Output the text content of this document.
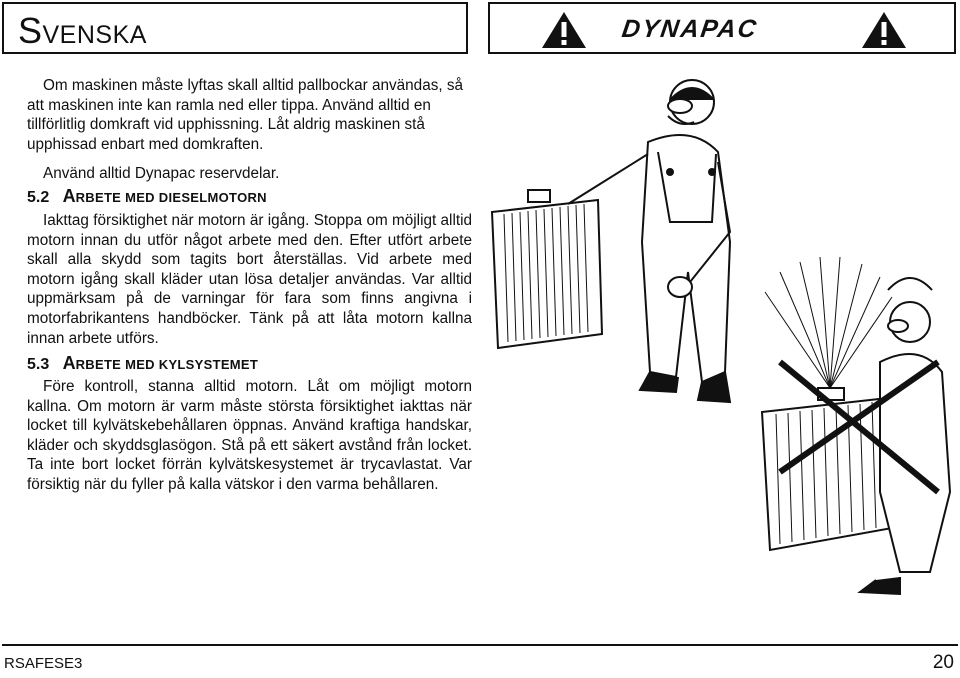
Svenska	DYNAPAC

Om maskinen måste lyftas skall alltid pallbockar användas, så att maskinen inte kan ramla ned eller tippa. Använd alltid en tillförlitlig domkraft vid upphissning. Låt aldrig maskinen stå upphissad enbart med domkraften.

Använd alltid Dynapac reservdelar.

5.2 ARBETE MED DIESELMOTORN

Iakttag försiktighet när motorn är igång. Stoppa om möjligt alltid motorn innan du utför något arbete med den. Efter utfört arbete skall alla skydd som tagits bort återställas. Vid arbete med motorn igång skall kläder utan lösa detaljer användas. Var alltid uppmärksam på de varningar för fara som finns angivna i motorfabrikantens handböcker. Tänk på att låta motorn kallna innan arbete utförs.

5.3 ARBETE MED KYLSYSTEMET

Före kontroll, stanna alltid motorn. Låt om möjligt motorn kallna. Om motorn är varm måste största försiktighet iakttas när locket till kylvätskebehållaren öppnas. Använd kraftiga handskar, kläder och skyddsglasögon. Stå på ett säkert avstånd från locket. Ta inte bort locket förrän kylvätskesystemet är trycavlastat. Var försiktig när du fyller på kalla vätskor i den varma behållaren.

RSAFESE3	20
